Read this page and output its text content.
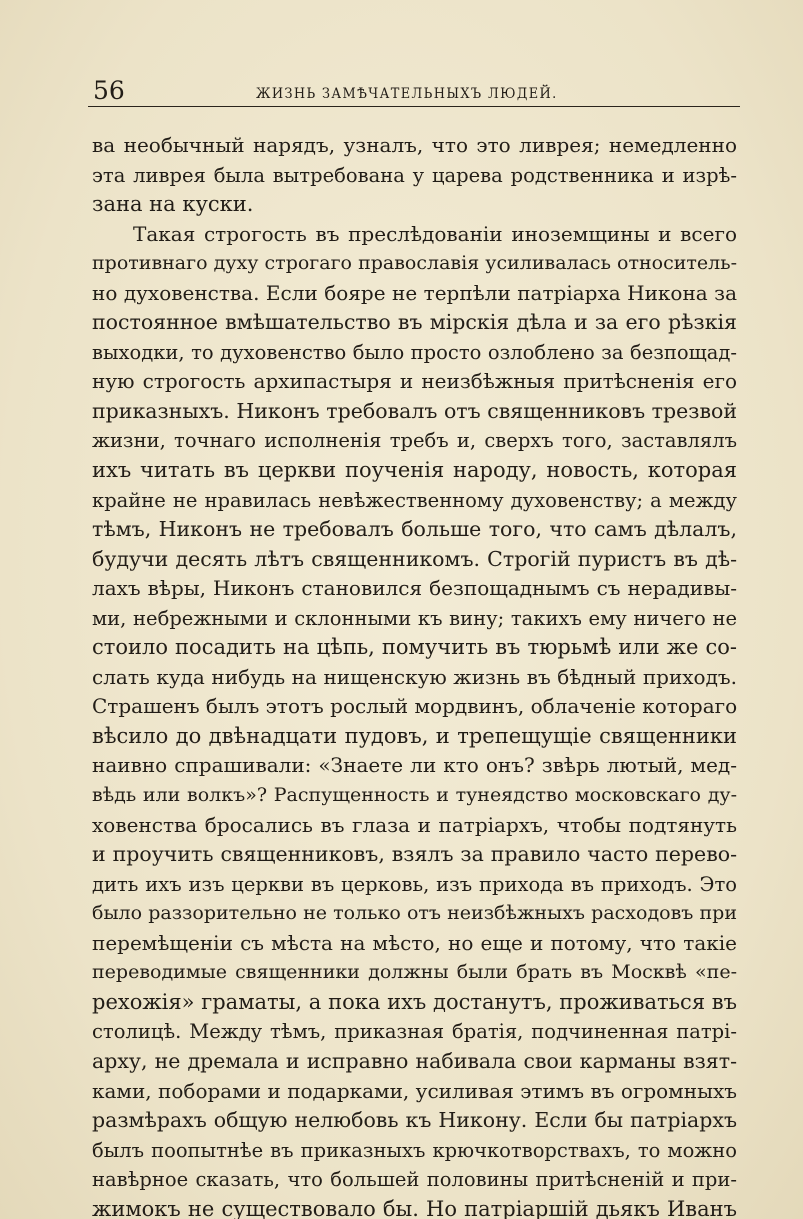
56	ЖИЗНЬ ЗАМѢЧАТЕЛЬНЫХЪ ЛЮДЕЙ.
ва необычный нарядъ, узналъ, что это ливрея; немедленно
эта ливрея была вытребована у царева родственника и изрѣ-
зана на куски.
Такая строгость въ преслѣдованіи иноземщины и всего
противнаго духу строгаго православія усиливалась относитель-
но духовенства. Если бояре не терпѣли патріарха Никона за
постоянное вмѣшательство въ мірскія дѣла и за его рѣзкія
выходки, то духовенство было просто озлоблено за безпощад-
ную строгость архипастыря и неизбѣжныя притѣсненія его
приказныхъ. Никонъ требовалъ отъ священниковъ трезвой
жизни, точнаго исполненія требъ и, сверхъ того, заставлялъ
ихъ читать въ церкви поученія народу, новость, которая
крайне не нравилась невѣжественному духовенству; а между
тѣмъ, Никонъ не требовалъ больше того, что самъ дѣлалъ,
будучи десять лѣтъ священникомъ. Строгій пуристъ въ дѣ-
лахъ вѣры, Никонъ становился безпощаднымъ съ нерадивы-
ми, небрежными и склонными къ вину; такихъ ему ничего не
стоило посадить на цѣпь, помучить въ тюрьмѣ или же со-
слать куда нибудь на нищенскую жизнь въ бѣдный приходъ.
Страшенъ былъ этотъ рослый мордвинъ, облаченіе котораго
вѣсило до двѣнадцати пудовъ, и трепещущіе священники
наивно спрашивали: «Знаете ли кто онъ? звѣрь лютый, мед-
вѣдь или волкъ»? Распущенность и тунеядство московскаго ду-
ховенства бросались въ глаза и патріархъ, чтобы подтянуть
и проучить священниковъ, взялъ за правило часто перево-
дить ихъ изъ церкви въ церковь, изъ прихода въ приходъ. Это
было раззорительно не только отъ неизбѣжныхъ расходовъ при
перемѣщеніи съ мѣста на мѣсто, но еще и потому, что такіе
переводимые священники должны были брать въ Москвѣ «пе-
рехожія» граматы, а пока ихъ достанутъ, проживаться въ
столицѣ. Между тѣмъ, приказная братія, подчиненная патрі-
арху, не дремала и исправно набивала свои карманы взят-
ками, поборами и подарками, усиливая этимъ въ огромныхъ
размѣрахъ общую нелюбовь къ Никону. Если бы патріархъ
былъ поопытнѣе въ приказныхъ крючкотворствахъ, то можно
навѣрное сказать, что большей половины притѣсненій и при-
жимокъ не существовало бы. Но патріаршій дьякъ Иванъ
